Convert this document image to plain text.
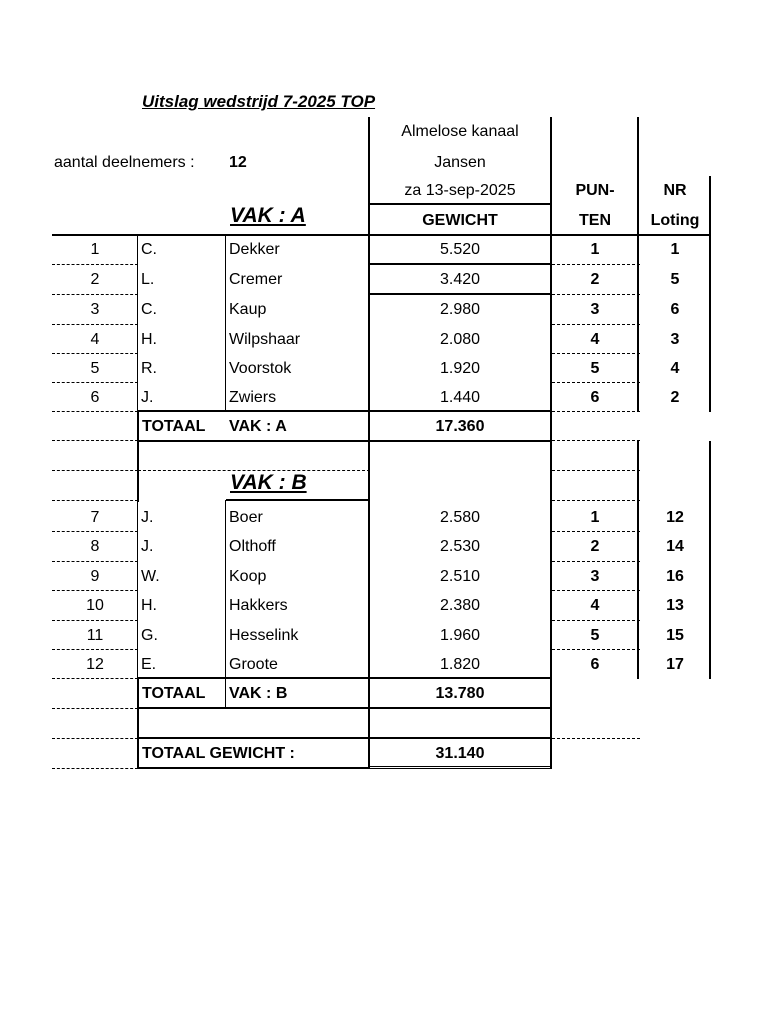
Uitslag wedstrijd 7-2025 TOP
Almelose kanaal
aantal deelnemers : 12	Jansen
za 13-sep-2025	PUN-	NR
VAK : A	GEWICHT	TEN	Loting
1	C.	Dekker	5.520	1	1
2	L.	Cremer	3.420	2	5
3	C.	Kaup	2.980	3	6
4	H.	Wilpshaar	2.080	4	3
5	R.	Voorstok	1.920	5	4
6	J.	Zwiers	1.440	6	2
TOTAAL VAK : A	17.360
VAK : B
7	J.	Boer	2.580	1	12
8	J.	Olthoff	2.530	2	14
9	W.	Koop	2.510	3	16
10	H.	Hakkers	2.380	4	13
11	G.	Hesselink	1.960	5	15
12	E.	Groote	1.820	6	17
TOTAAL VAK : B	13.780
TOTAAL GEWICHT :	31.140
